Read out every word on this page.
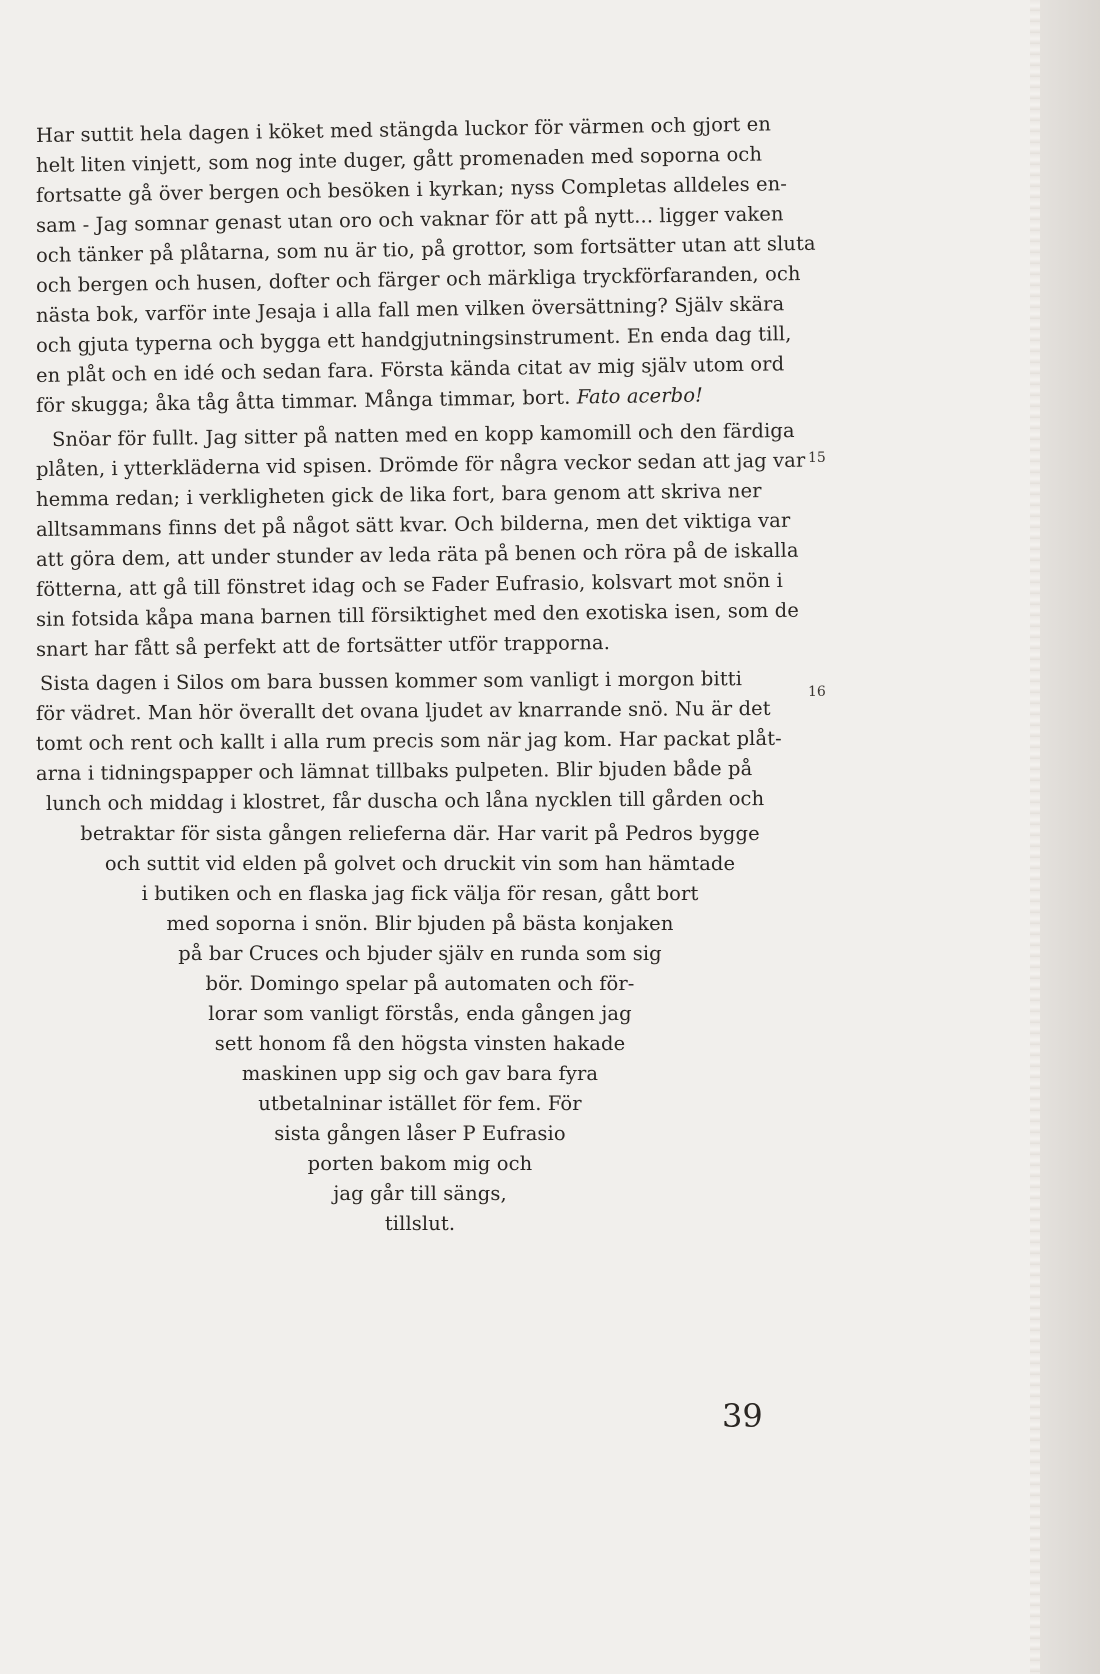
Har suttit hela dagen i köket med stängda luckor för värmen och gjort en
helt liten vinjett, som nog inte duger, gått promenaden med soporna och
fortsatte gå över bergen och besöken i kyrkan; nyss Completas alldeles en-
sam - Jag somnar genast utan oro och vaknar för att på nytt... ligger vaken
och tänker på plåtarna, som nu är tio, på grottor, som fortsätter utan att sluta
och bergen och husen, dofter och färger och märkliga tryckförfaranden, och
nästa bok, varför inte Jesaja i alla fall men vilken översättning? Själv skära
och gjuta typerna och bygga ett handgjutningsinstrument. En enda dag till,
en plåt och en idé och sedan fara. Första kända citat av mig själv utom ord
för skugga; åka tåg åtta timmar. Många timmar, bort. Fato acerbo!
Snöar för fullt. Jag sitter på natten med en kopp kamomill och den färdiga
plåten, i ytterkläderna vid spisen. Drömde för några veckor sedan att jag var
hemma redan; i verkligheten gick de lika fort, bara genom att skriva ner
alltsammans finns det på något sätt kvar. Och bilderna, men det viktiga var
att göra dem, att under stunder av leda räta på benen och röra på de iskalla
fötterna, att gå till fönstret idag och se Fader Eufrasio, kolsvart mot snön i
sin fotsida kåpa mana barnen till försiktighet med den exotiska isen, som de
snart har fått så perfekt att de fortsätter utför trapporna.
Sista dagen i Silos om bara bussen kommer som vanligt i morgon bitti
för vädret. Man hör överallt det ovana ljudet av knarrande snö. Nu är det
tomt och rent och kallt i alla rum precis som när jag kom. Har packat plåt-
arna i tidningspapper och lämnat tillbaks pulpeten. Blir bjuden både på
lunch och middag i klostret, får duscha och låna nycklen till gården och
betraktar för sista gången relieferna där. Har varit på Pedros bygge
och suttit vid elden på golvet och druckit vin som han hämtade
i butiken och en flaska jag fick välja för resan, gått bort
med soporna i snön. Blir bjuden på bästa konjaken
på bar Cruces och bjuder själv en runda som sig
bör. Domingo spelar på automaten och för-
lorar som vanligt förstås, enda gången jag
sett honom få den högsta vinsten hakade
maskinen upp sig och gav bara fyra
utbetalninar istället för fem. För
sista gången låser P Eufrasio
porten bakom mig och
jag går till sängs,
tillslut.
15
16
39
